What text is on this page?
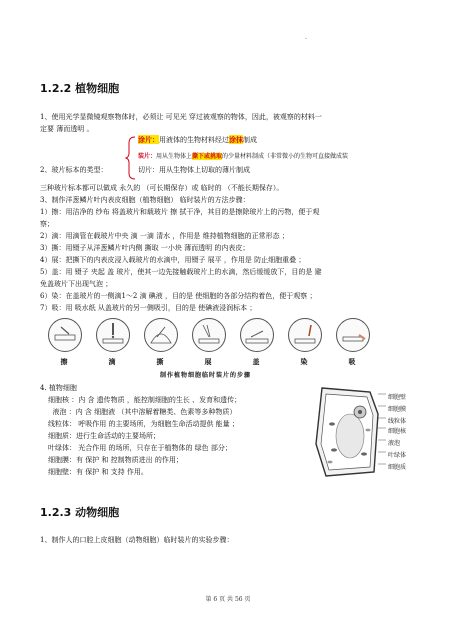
.
1.2.2 植物细胞
1、使用光学显微镜观察物体时，必须让 可见光 穿过被观察的物体，因此，被观察的材料一
定要 薄而透明 。
涂片：用液体的生物材料经过涂抹制成
装片：用从生物体上撕下或挑取的少量材料制成（非常微小的生物可直接做成装
2、玻片标本的类型：	切片：用从生物体上切取的薄片制成
三种玻片标本都可以做成 永久的 （可长期保存）或 临时的 （不能长期保存）。
3、制作洋葱鳞片叶内表皮细胞（植物细胞） 临时装片的方法步骤：
1）擦：用洁净的 纱布 将盖玻片和载玻片 擦 拭干净，其目的是擦除玻片上的污物，便于观
察；
2）滴：用滴管在载玻片中央 滴 一滴 清水 ，作用是 维持植物细胞的正常形态 ；
3）撕：用镊子从洋葱鳞片叶内侧 撕取 一小块 薄而透明 的内表皮；
4）展：把撕下的内表皮浸入载玻片的水滴中，用镊子 展平 ，作用是 防止细胞重叠 ；
5）盖：用 镊子 夹起 盖 玻片，使其一边先接触载玻片上的水滴，然后缓缓放下，目的是 避
免盖玻片下出现气泡 ；
6）染：在盖玻片的一侧滴1～2 滴 碘液 ，目的是 使细胞的各部分结构着色，便于观察 ；
7）吸：用 吸水纸 从盖玻片的另一侧吸引，目的是 使碘液浸润标本 ；
擦	滴	撕	展	盖	染	吸
制作植物细胞临时装片的步骤
4. 植物细胞
细胞核 ：内 含 遗传物质 ，能控制细胞的生长 、发育和遗传；
液泡 ：内 含 细胞液 （其中溶解着糖类、色素等多种物质）
线粒体： 呼吸作用 的主要场所，为细胞生命活动提供 能量 ；
细胞质：进行生命活动的主要场所；
叶绿体： 光合作用 的场所，只存在于植物体的 绿色 部分；
细胞膜：有 保护 和 控制物质进出 的作用；
细胞壁：有 保护 和 支持 作用。
细胞壁
细胞膜
线粒体
细胞核
液泡
叶绿体
细胞质
1.2.3 动物细胞
1、制作人的口腔上皮细胞（动物细胞）临时装片的实验步骤：
第 6 页 共 56 页
